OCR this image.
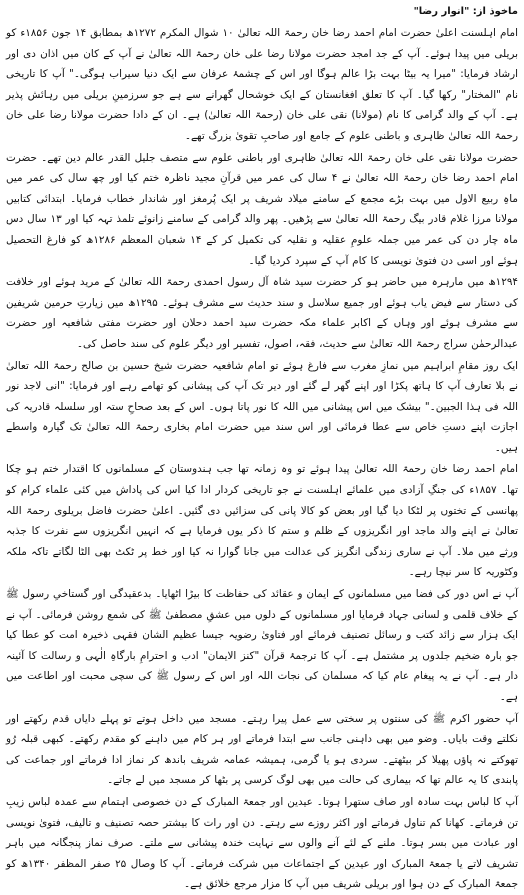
ماخوذ از: "انوار رضا"

امام اہلسنت اعلیٰ حضرت امام احمد رضا خان رحمۃ اللہ تعالیٰ ۱۰ شوال المکرم ۱۲۷۲ھ بمطابق ۱۴ جون ۱۸۵۶ء کو بریلی میں پیدا ہوئے۔ آپ کے جد امجد حضرت مولانا رضا علی خان رحمۃ اللہ تعالیٰ نے آپ کے کان میں اذان دی اور ارشاد فرمایا: "میرا یہ بیٹا بہت بڑا عالم ہوگا اور اس کے چشمۂ عرفان سے ایک دنیا سیراب ہوگی۔" آپ کا تاریخی نام "المختار" رکھا گیا۔ آپ کا تعلق افغانستان کے ایک خوشحال گھرانے سے ہے جو سرزمینِ بریلی میں رہائش پذیر ہے۔ آپ کے والد گرامی کا نام (مولانا) نقی علی خان (رحمۃ اللہ تعالیٰ) ہے۔ ان کے دادا حضرت مولانا رضا علی خان رحمۃ اللہ تعالیٰ ظاہری و باطنی علوم کے جامع اور صاحبِ تقویٰ بزرگ تھے۔

حضرت مولانا نقی علی خان رحمۃ اللہ تعالیٰ ظاہری اور باطنی علوم سے متصف جلیل القدر عالم دین تھے۔ حضرت امام احمد رضا خان رحمۃ اللہ تعالیٰ نے ۴ سال کی عمر میں قرآنِ مجید ناظرہ ختم کیا اور چھ سال کی عمر میں ماہِ ربیع الاول میں بہت بڑے مجمع کے سامنے میلاد شریف پر ایک پُرمغز اور شاندار خطاب فرمایا۔ ابتدائی کتابیں مولانا مرزا غلام قادر بیگ رحمۃ اللہ تعالیٰ سے پڑھیں۔ پھر والد گرامی کے سامنے زانوئے تلمذ تہہ کیا اور ۱۳ سال دس ماہ چار دن کی عمر میں جملہ علومِ عقلیہ و نقلیہ کی تکمیل کر کے ۱۴ شعبان المعظم ۱۲۸۶ھ کو فارغ التحصیل ہوئے اور اسی دن فتویٰ نویسی کا کام آپ کے سپرد کردیا گیا۔

۱۲۹۴ھ میں مارہرہ میں حاضر ہو کر حضرت سید شاہ آل رسول احمدی رحمۃ اللہ تعالیٰ کے مرید ہوئے اور خلافت کی دستار سے فیض یاب ہوئے اور جمیع سلاسل و سند حدیث سے مشرف ہوئے۔ ۱۲۹۵ھ میں زیارتِ حرمین شریفین سے مشرف ہوئے اور وہاں کے اکابر علماء مکہ حضرت سید احمد دحلان اور حضرت مفتی شافعیہ اور حضرت عبدالرحمٰن سراج رحمۃ اللہ تعالیٰ سے حدیث، فقہ، اصول، تفسیر اور دیگر علوم کی سند حاصل کی۔

ایک روز مقامِ ابراہیم میں نمازِ مغرب سے فارغ ہوئے تو امام شافعیہ حضرت شیخ حسین بن صالح رحمۃ اللہ تعالیٰ نے بلا تعارف آپ کا ہاتھ پکڑا اور اپنے گھر لے گئے اور دیر تک آپ کی پیشانی کو تھامے رہے اور فرمایا: "انی لاجد نور اللہ فی ہذا الجبین۔" بیشک میں اس پیشانی میں اللہ کا نور پاتا ہوں۔ اس کے بعد صحاحِ ستہ اور سلسلہ قادریہ کی اجازت اپنے دستِ خاص سے عطا فرمائی اور اس سند میں حضرت امام بخاری رحمۃ اللہ تعالیٰ تک گیارہ واسطے ہیں۔

امام احمد رضا خان رحمۃ اللہ تعالیٰ پیدا ہوئے تو وہ زمانہ تھا جب ہندوستان کے مسلمانوں کا اقتدار ختم ہو چکا تھا۔ ۱۸۵۷ء کی جنگِ آزادی میں علمائے اہلسنت نے جو تاریخی کردار ادا کیا اس کی پاداش میں کئی علماء کرام کو پھانسی کے تختوں پر لٹکا دیا گیا اور بعض کو کالا پانی کی سزائیں دی گئیں۔ اعلیٰ حضرت فاضل بریلوی رحمۃ اللہ تعالیٰ نے اپنے والد ماجد اور انگریزوں کے ظلم و ستم کا ذکر یوں فرمایا ہے کہ انہیں انگریزوں سے نفرت کا جذبہ ورثے میں ملا۔ آپ نے ساری زندگی انگریز کی عدالت میں جانا گوارا نہ کیا اور خط پر ٹکٹ بھی الٹا لگاتے تاکہ ملکہ وکٹوریہ کا سر نیچا رہے۔

آپ نے اس دور کی فضا میں مسلمانوں کے ایمان و عقائد کی حفاظت کا بیڑا اٹھایا۔ بدعقیدگی اور گستاخیِ رسول ﷺ کے خلاف قلمی و لسانی جہاد فرمایا اور مسلمانوں کے دلوں میں عشقِ مصطفیٰ ﷺ کی شمع روشن فرمائی۔ آپ نے ایک ہزار سے زائد کتب و رسائل تصنیف فرمائے اور فتاویٰ رضویہ جیسا عظیم الشان فقہی ذخیرہ امت کو عطا کیا جو بارہ ضخیم جلدوں پر مشتمل ہے۔ آپ کا ترجمۂ قرآن "کنز الایمان" ادب و احترامِ بارگاہِ الٰہی و رسالت کا آئینہ دار ہے۔ آپ نے یہ پیغام عام کیا کہ مسلمان کی نجات اللہ اور اس کے رسول ﷺ کی سچی محبت اور اطاعت میں ہے۔

آپ حضور اکرم ﷺ کی سنتوں پر سختی سے عمل پیرا رہتے۔ مسجد میں داخل ہوتے تو پہلے دایاں قدم رکھتے اور نکلتے وقت بایاں۔ وضو میں بھی داہنی جانب سے ابتدا فرماتے اور ہر کام میں داہنے کو مقدم رکھتے۔ کبھی قبلہ رُو تھوکتے نہ پاؤں پھیلا کر بیٹھتے۔ سردی ہو یا گرمی، ہمیشہ عمامہ شریف باندھ کر نماز ادا فرماتے اور جماعت کی پابندی کا یہ عالم تھا کہ بیماری کی حالت میں بھی لوگ کرسی پر بٹھا کر مسجد میں لے جاتے۔

آپ کا لباس بہت سادہ اور صاف ستھرا ہوتا۔ عیدین اور جمعۃ المبارک کے دن خصوصی اہتمام سے عمدہ لباس زیبِ تن فرماتے۔ کھانا کم تناول فرماتے اور اکثر روزے سے رہتے۔ دن اور رات کا بیشتر حصہ تصنیف و تالیف، فتویٰ نویسی اور عبادت میں بسر ہوتا۔ ملنے کے لئے آنے والوں سے نہایت خندہ پیشانی سے ملتے۔ صرف نماز پنجگانہ میں باہر تشریف لاتے یا جمعۃ المبارک اور عیدین کے اجتماعات میں شرکت فرماتے۔ آپ کا وصال ۲۵ صفر المظفر ۱۳۴۰ھ کو جمعۃ المبارک کے دن ہوا اور بریلی شریف میں آپ کا مزار مرجع خلائق ہے۔
